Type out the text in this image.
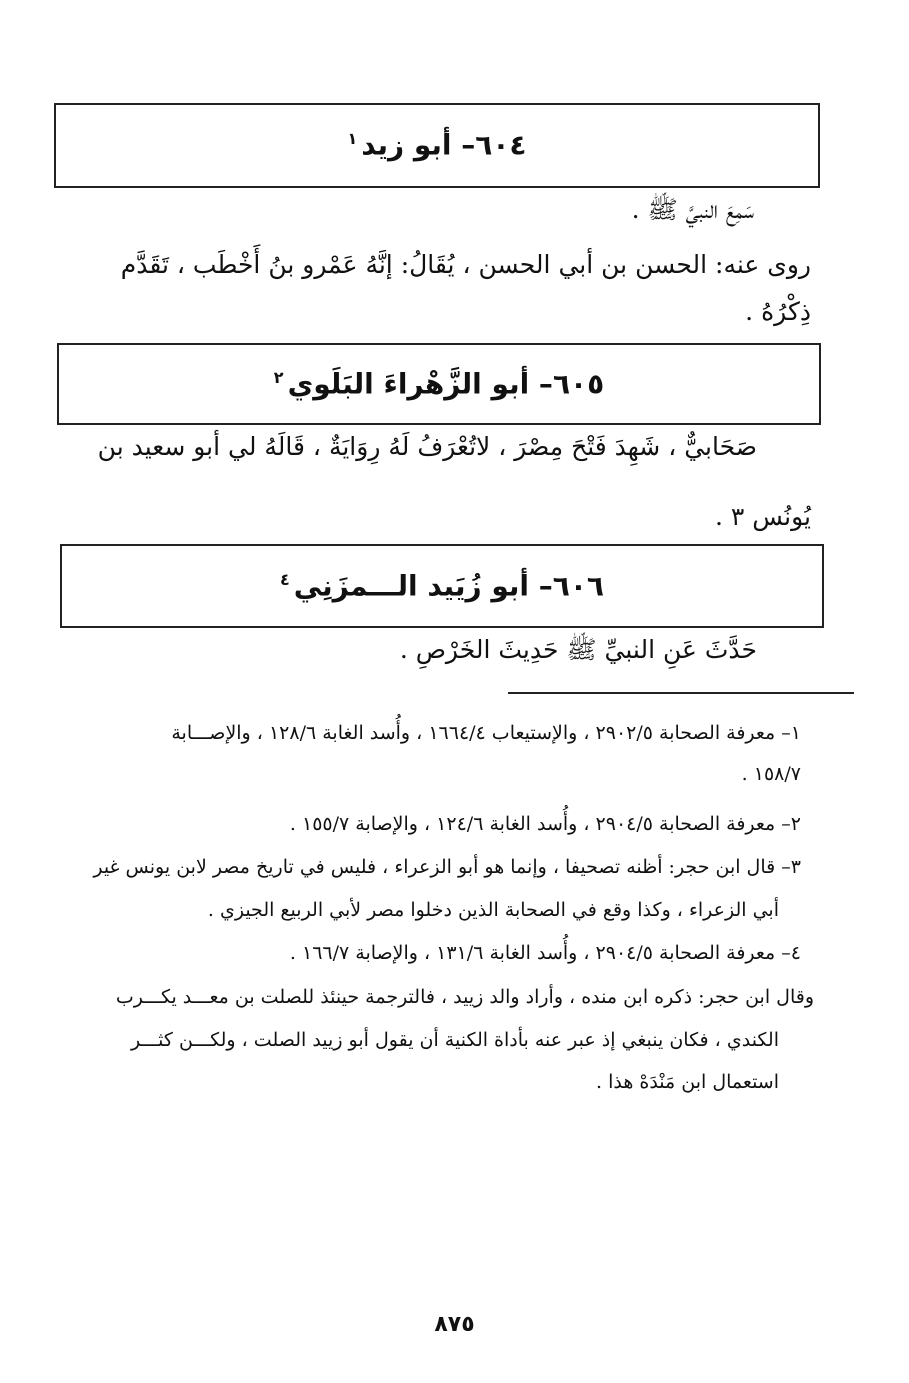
٦٠٤– أبو زيد$^١$
سَمِعَ النبيَّ ﷺ .
روى عنه: الحسن بن أبي الحسن ، يُقَالُ: إنَّهُ عَمْرو بنُ أَخْطَب ، تَقَدَّم
ذِكْرُهُ .
٦٠٥– أبو الزَّهْراءَ البَلَوي$^٢$
صَحَابيٌّ ، شَهِدَ فَتْحَ مِصْرَ ، لاتُعْرَفُ لَهُ رِوَايَةٌ ، قَالَهُ لي أبو سعيد بن
يُونُس ٣ .
٦٠٦– أبو زُيَيد الـــمزَنِي$^٤$
حَدَّثَ عَنِ النبيِّ ﷺ حَدِيثَ الخَرْصِ .
١– معرفة الصحابة ٢٩٠٢/٥ ، والإستيعاب ١٦٦٤/٤ ، وأُسد الغابة ١٢٨/٦ ، والإصـــابة
١٥٨/٧ .
٢– معرفة الصحابة ٢٩٠٤/٥ ، وأُسد الغابة ١٢٤/٦ ، والإصابة ١٥٥/٧ .
٣– قال ابن حجر: أظنه تصحيفا ، وإنما هو أبو الزعراء ، فليس في تاريخ مصر لابن يونس غير
أبي الزعراء ، وكذا وقع في الصحابة الذين دخلوا مصر لأبي الربيع الجيزي .
٤– معرفة الصحابة ٢٩٠٤/٥ ، وأُسد الغابة ١٣١/٦ ، والإصابة ١٦٦/٧ .
وقال ابن حجر: ذكره ابن منده ، وأراد والد زييد ، فالترجمة حينئذ للصلت بن معـــد يكـــرب
الكندي ، فكان ينبغي إذ عبر عنه بأداة الكنية أن يقول أبو زييد الصلت ، ولكـــن كثـــر
استعمال ابن مَنْدَهْ هذا .
٨٧٥
